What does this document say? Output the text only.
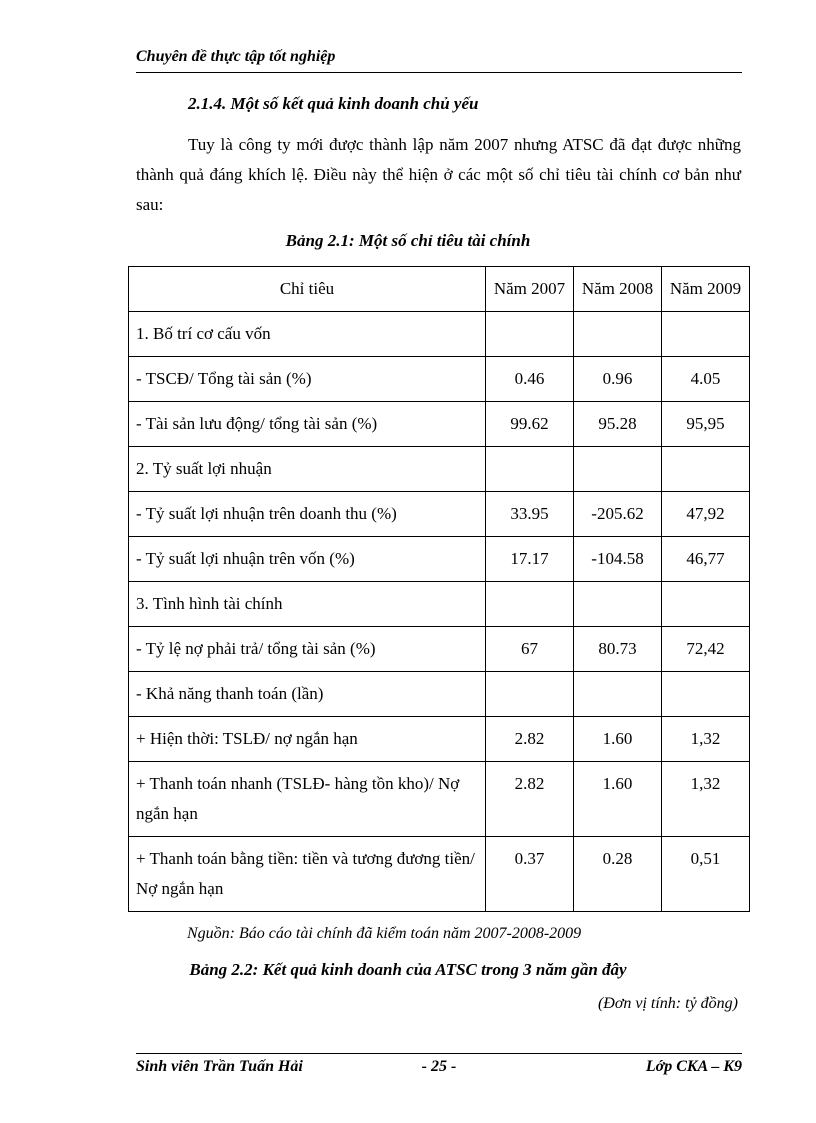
Chuyên đề thực tập tốt nghiệp
2.1.4. Một số kết quả kinh doanh chủ yếu

Tuy là công ty mới được thành lập năm 2007 nhưng ATSC đã đạt được những thành quả đáng khích lệ. Điều này thể hiện ở các một số chỉ tiêu tài chính cơ bản như sau:

Bảng 2.1: Một số chỉ tiêu tài chính
Chỉ tiêu	Năm 2007	Năm 2008	Năm 2009
1. Bố trí cơ cấu vốn			
- TSCĐ/ Tổng tài sản (%)	0.46	0.96	4.05
- Tài sản lưu động/ tổng tài sản (%)	99.62	95.28	95,95
2. Tỷ suất lợi nhuận			
- Tỷ suất lợi nhuận trên doanh thu (%)	33.95	-205.62	47,92
- Tỷ suất lợi nhuận trên vốn (%)	17.17	-104.58	46,77
3. Tình hình tài chính			
- Tỷ lệ nợ phải trả/ tổng tài sản (%)	67	80.73	72,42
- Khả năng thanh toán (lần)			
+ Hiện thời: TSLĐ/ nợ ngắn hạn	2.82	1.60	1,32
+ Thanh toán nhanh (TSLĐ- hàng tồn kho)/ Nợ ngắn hạn	2.82	1.60	1,32
+ Thanh toán bằng tiền: tiền và tương đương tiền/ Nợ ngắn hạn	0.37	0.28	0,51
Nguồn: Báo cáo tài chính đã kiểm toán năm 2007-2008-2009
Bảng 2.2: Kết quả kinh doanh của ATSC trong 3 năm gần đây
(Đơn vị tính: tỷ đồng)
Sinh viên Trần Tuấn Hải	- 25 -	Lớp CKA – K9
